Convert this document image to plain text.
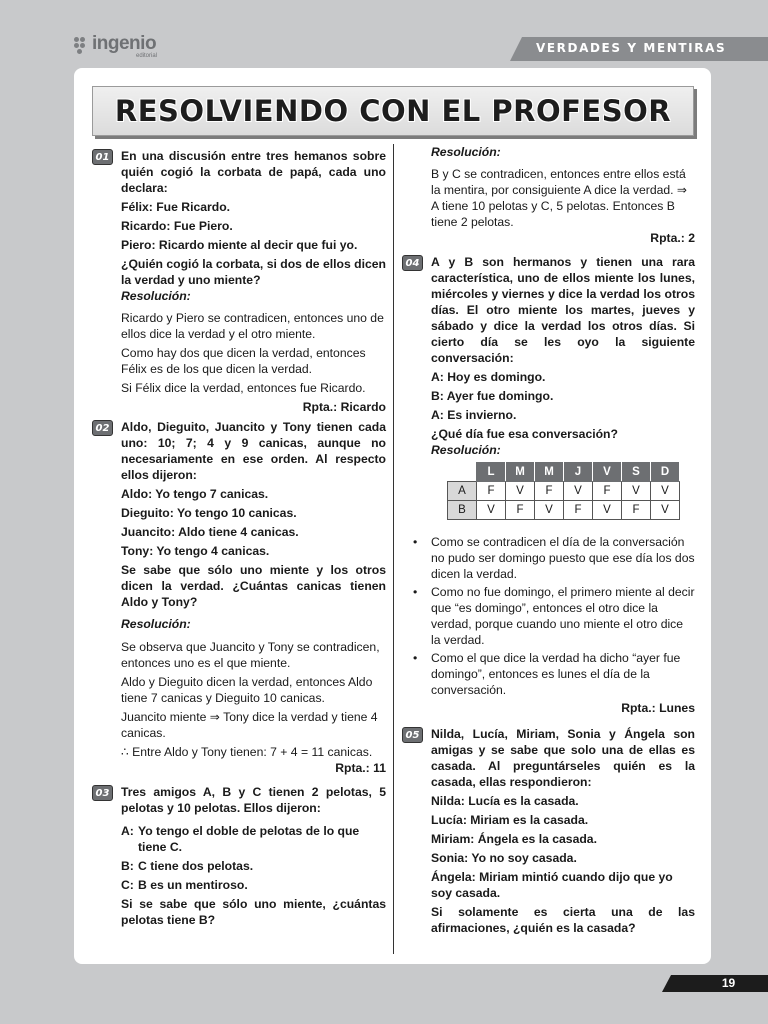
ingenio
editorial
VERDADES Y MENTIRAS
RESOLVIENDO CON EL PROFESOR
01 En una discusión entre tres hemanos sobre quién cogió la corbata de papá, cada uno declara:
Félix: Fue Ricardo.
Ricardo: Fue Piero.
Piero: Ricardo miente al decir que fui yo.
¿Quién cogió la corbata, si dos de ellos dicen la verdad y uno miente?
Resolución:
Ricardo y Piero se contradicen, entonces uno de ellos dice la verdad y el otro miente.
Como hay dos que dicen la verdad, entonces Félix es de los que dicen la verdad.
Si Félix dice la verdad, entonces fue Ricardo.
Rpta.: Ricardo
02 Aldo, Dieguito, Juancito y Tony tienen cada uno: 10; 7; 4 y 9 canicas, aunque no necesariamente en ese orden. Al respecto ellos dijeron:
Aldo: Yo tengo 7 canicas.
Dieguito: Yo tengo 10 canicas.
Juancito: Aldo tiene 4 canicas.
Tony: Yo tengo 4 canicas.
Se sabe que sólo uno miente y los otros dicen la verdad. ¿Cuántas canicas tienen Aldo y Tony?
Resolución:
Se observa que Juancito y Tony se contradicen, entonces uno es el que miente.
Aldo y Dieguito dicen la verdad, entonces Aldo tiene 7 canicas y Dieguito 10 canicas.
Juancito miente ⇒ Tony dice la verdad y tiene 4 canicas.
∴ Entre Aldo y Tony tienen: 7 + 4 = 11 canicas.
Rpta.: 11
03 Tres amigos A, B y C tienen 2 pelotas, 5 pelotas y 10 pelotas. Ellos dijeron:
A: Yo tengo el doble de pelotas de lo que tiene C.
B: C tiene dos pelotas.
C: B es un mentiroso.
Si se sabe que sólo uno miente, ¿cuántas pelotas tiene B?
Resolución:
B y C se contradicen, entonces entre ellos está la mentira, por consiguiente A dice la verdad. ⇒ A tiene 10 pelotas y C, 5 pelotas. Entonces B tiene 2 pelotas.
Rpta.: 2
04 A y B son hermanos y tienen una rara característica, uno de ellos miente los lunes, miércoles y viernes y dice la verdad los otros días. El otro miente los martes, jueves y sábado y dice la verdad los otros días. Si cierto día se les oyo la siguiente conversación:
A: Hoy es domingo.
B: Ayer fue domingo.
A: Es invierno.
¿Qué día fue esa conversación?
Resolución:
	L	M	M	J	V	S	D
A	F	V	F	V	F	V	V
B	V	F	V	F	V	F	V
• Como se contradicen el día de la conversación no pudo ser domingo puesto que ese día los dos dicen la verdad.
• Como no fue domingo, el primero miente al decir que “es domingo”, entonces el otro dice la verdad, porque cuando uno miente el otro dice la verdad.
• Como el que dice la verdad ha dicho “ayer fue domingo”, entonces es lunes el día de la conversación.
Rpta.: Lunes
05 Nilda, Lucía, Miriam, Sonia y Ángela son amigas y se sabe que solo una de ellas es casada. Al preguntárseles quién es la casada, ellas respondieron:
Nilda: Lucía es la casada.
Lucía: Miriam es la casada.
Miriam: Ángela es la casada.
Sonia: Yo no soy casada.
Ángela: Miriam mintió cuando dijo que yo soy casada.
Si solamente es cierta una de las afirmaciones, ¿quién es la casada?
19
